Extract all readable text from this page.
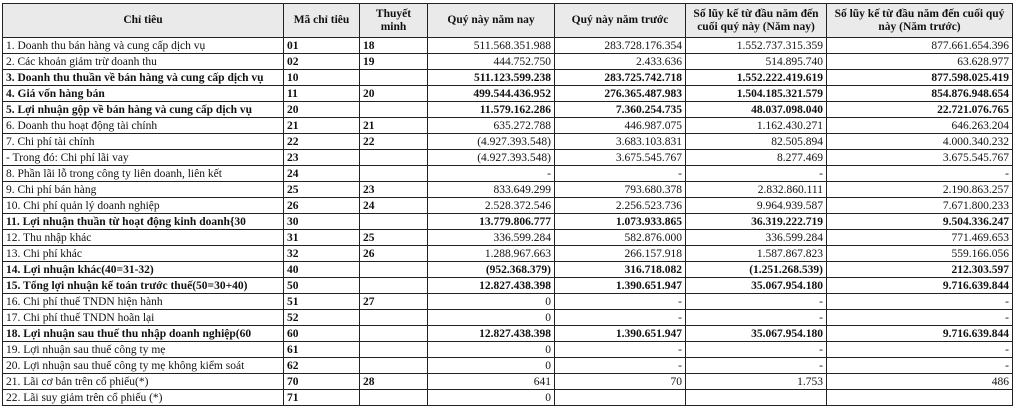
Chỉ tiêu	Mã chỉ tiêu	Thuyết minh	Quý này năm nay	Quý này năm trước	Số lũy kế từ đầu năm đến cuối quý này (Năm nay)	Số lũy kế từ đầu năm đến cuối quý này (Năm trước)
1. Doanh thu bán hàng và cung cấp dịch vụ	01	18	511.568.351.988	283.728.176.354	1.552.737.315.359	877.661.654.396
2. Các khoản giảm trừ doanh thu	02	19	444.752.750	2.433.636	514.895.740	63.628.977
3. Doanh thu thuần về bán hàng và cung cấp dịch vụ	10		511.123.599.238	283.725.742.718	1.552.222.419.619	877.598.025.419
4. Giá vốn hàng bán	11	20	499.544.436.952	276.365.487.983	1.504.185.321.579	854.876.948.654
5. Lợi nhuận gộp về bán hàng và cung cấp dịch vụ	20		11.579.162.286	7.360.254.735	48.037.098.040	22.721.076.765
6. Doanh thu hoạt động tài chính	21	21	635.272.788	446.987.075	1.162.430.271	646.263.204
7. Chi phí tài chính	22	22	(4.927.393.548)	3.683.103.831	82.505.894	4.000.340.232
- Trong đó: Chi phí lãi vay	23		(4.927.393.548)	3.675.545.767	8.277.469	3.675.545.767
8. Phần lãi lỗ trong công ty liên doanh, liên kết	24		-	-	-	-
9. Chi phí bán hàng	25	23	833.649.299	793.680.378	2.832.860.111	2.190.863.257
10. Chi phí quản lý doanh nghiệp	26	24	2.528.372.546	2.256.523.736	9.964.939.587	7.671.800.233
11. Lợi nhuận thuần từ hoạt động kinh doanh{30	30		13.779.806.777	1.073.933.865	36.319.222.719	9.504.336.247
12. Thu nhập khác	31	25	336.599.284	582.876.000	336.599.284	771.469.653
13. Chi phí khác	32	26	1.288.967.663	266.157.918	1.587.867.823	559.166.056
14. Lợi nhuận khác(40=31-32)	40		(952.368.379)	316.718.082	(1.251.268.539)	212.303.597
15. Tổng lợi nhuận kế toán trước thuế(50=30+40)	50		12.827.438.398	1.390.651.947	35.067.954.180	9.716.639.844
16. Chi phí thuế TNDN hiện hành	51	27	0	-	-	-
17. Chi phí thuế TNDN hoãn lại	52		0	-	-	-
18. Lợi nhuận sau thuế thu nhập doanh nghiệp(60	60		12.827.438.398	1.390.651.947	35.067.954.180	9.716.639.844
19. Lợi nhuận sau thuế công ty mẹ	61		0	-	-	-
20. Lợi nhuận sau thuế công ty mẹ không kiểm soát	62		0	-	-	-
21. Lãi cơ bản trên cổ phiếu(*)	70	28	641	70	1.753	486
22. Lãi suy giảm trên cổ phiếu (*)	71		0			
